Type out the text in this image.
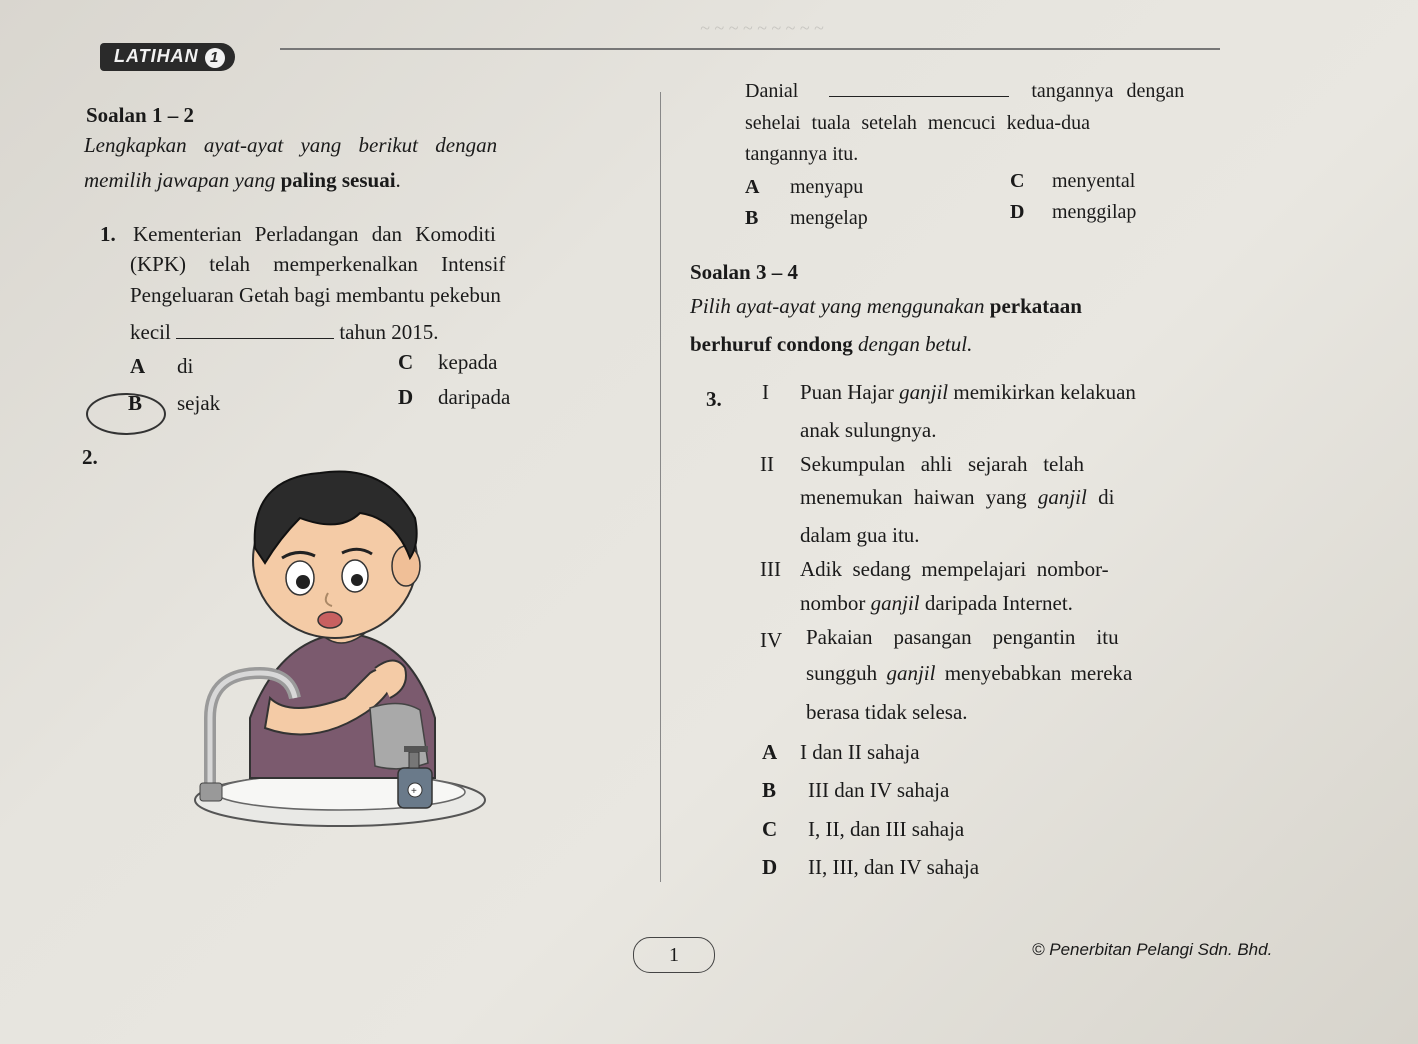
LATIHAN 1
~ ~ ~ ~ ~ ~ ~ ~ ~
Soalan 1 – 2
Lengkapkan ayat-ayat yang berikut dengan
memilih jawapan yang paling sesuai.
1. Kementerian Perladangan dan Komoditi
(KPK) telah memperkenalkan Intensif
Pengeluaran Getah bagi membantu pekebun
kecil	tahun 2015.
A di	C kepada
B sejak	D daripada
2.
+
Danial	tangannya dengan
sehelai tuala setelah mencuci kedua-dua
tangannya itu.
A menyapu	C menyental
B mengelap	D menggilap
Soalan 3 – 4
Pilih ayat-ayat yang menggunakan perkataan
berhuruf condong dengan betul.
3. I Puan Hajar ganjil memikirkan kelakuan
anak sulungnya.
II Sekumpulan   ahli   sejarah   telah
menemukan haiwan yang ganjil di
dalam gua itu.
III Adik  sedang  mempelajari  nombor-
nombor ganjil daripada Internet.
IV Pakaian    pasangan    pengantin    itu
sungguh ganjil menyebabkan mereka
berasa tidak selesa.
A I dan II sahaja
B III dan IV sahaja
C I, II, dan III sahaja
D II, III, dan IV sahaja
1	© Penerbitan Pelangi Sdn. Bhd.
